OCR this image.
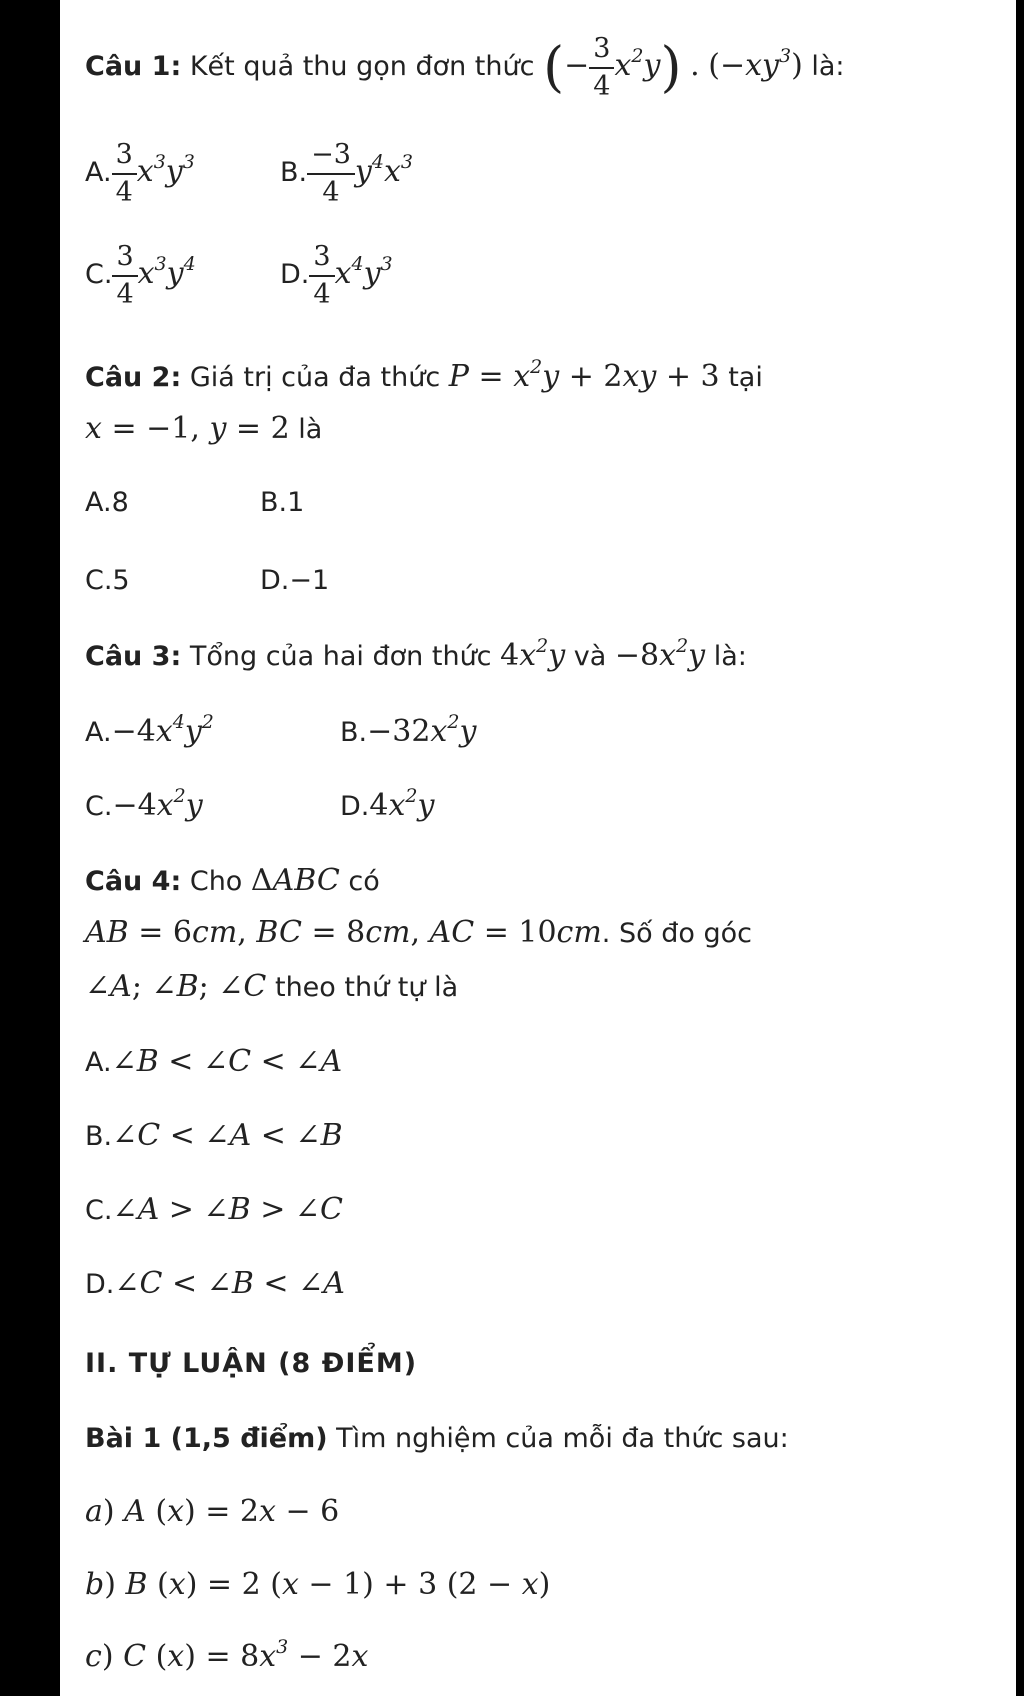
Câu 1: Kết quả thu gọn đơn thức (− $\frac{3}{4} x^2y$) . $(-xy^3)$ là:
A. $\frac{3}{4} x^3y^3$	B. $\frac{-3}{4} y^4x^3$
C. $\frac{3}{4} x^3y^4$	D. $\frac{3}{4} x^4y^3$
Câu 2: Giá trị của đa thức $P = x^2y + 2xy + 3$ tại
x = −1, y = 2 là
A.8	B.1
C.5	D.−1
Câu 3: Tổng của hai đơn thức $4x^2y$ và $-8x^2y$ là:
$A.-4x^4y^2$	$B.-32x^2y$
$C.-4x^2y$	$D.4x^2y$
Câu 4: Cho ΔABC có
AB = 6cm, BC = 8cm, AC = 10cm. Số đo góc
∠A; ∠B; ∠C theo thứ tự là
A.∠B < ∠C < ∠A
B.∠C < ∠A < ∠B
C.∠A > ∠B > ∠C
D.∠C < ∠B < ∠A
II. TỰ LUẬN (8 ĐIỂM)
Bài 1 (1,5 điểm) Tìm nghiệm của mỗi đa thức sau:
a) A (x) = 2x − 6
b) B (x) = 2 (x − 1) + 3 (2 − x)
c) C $(x) = 8x^3 - 2x$
